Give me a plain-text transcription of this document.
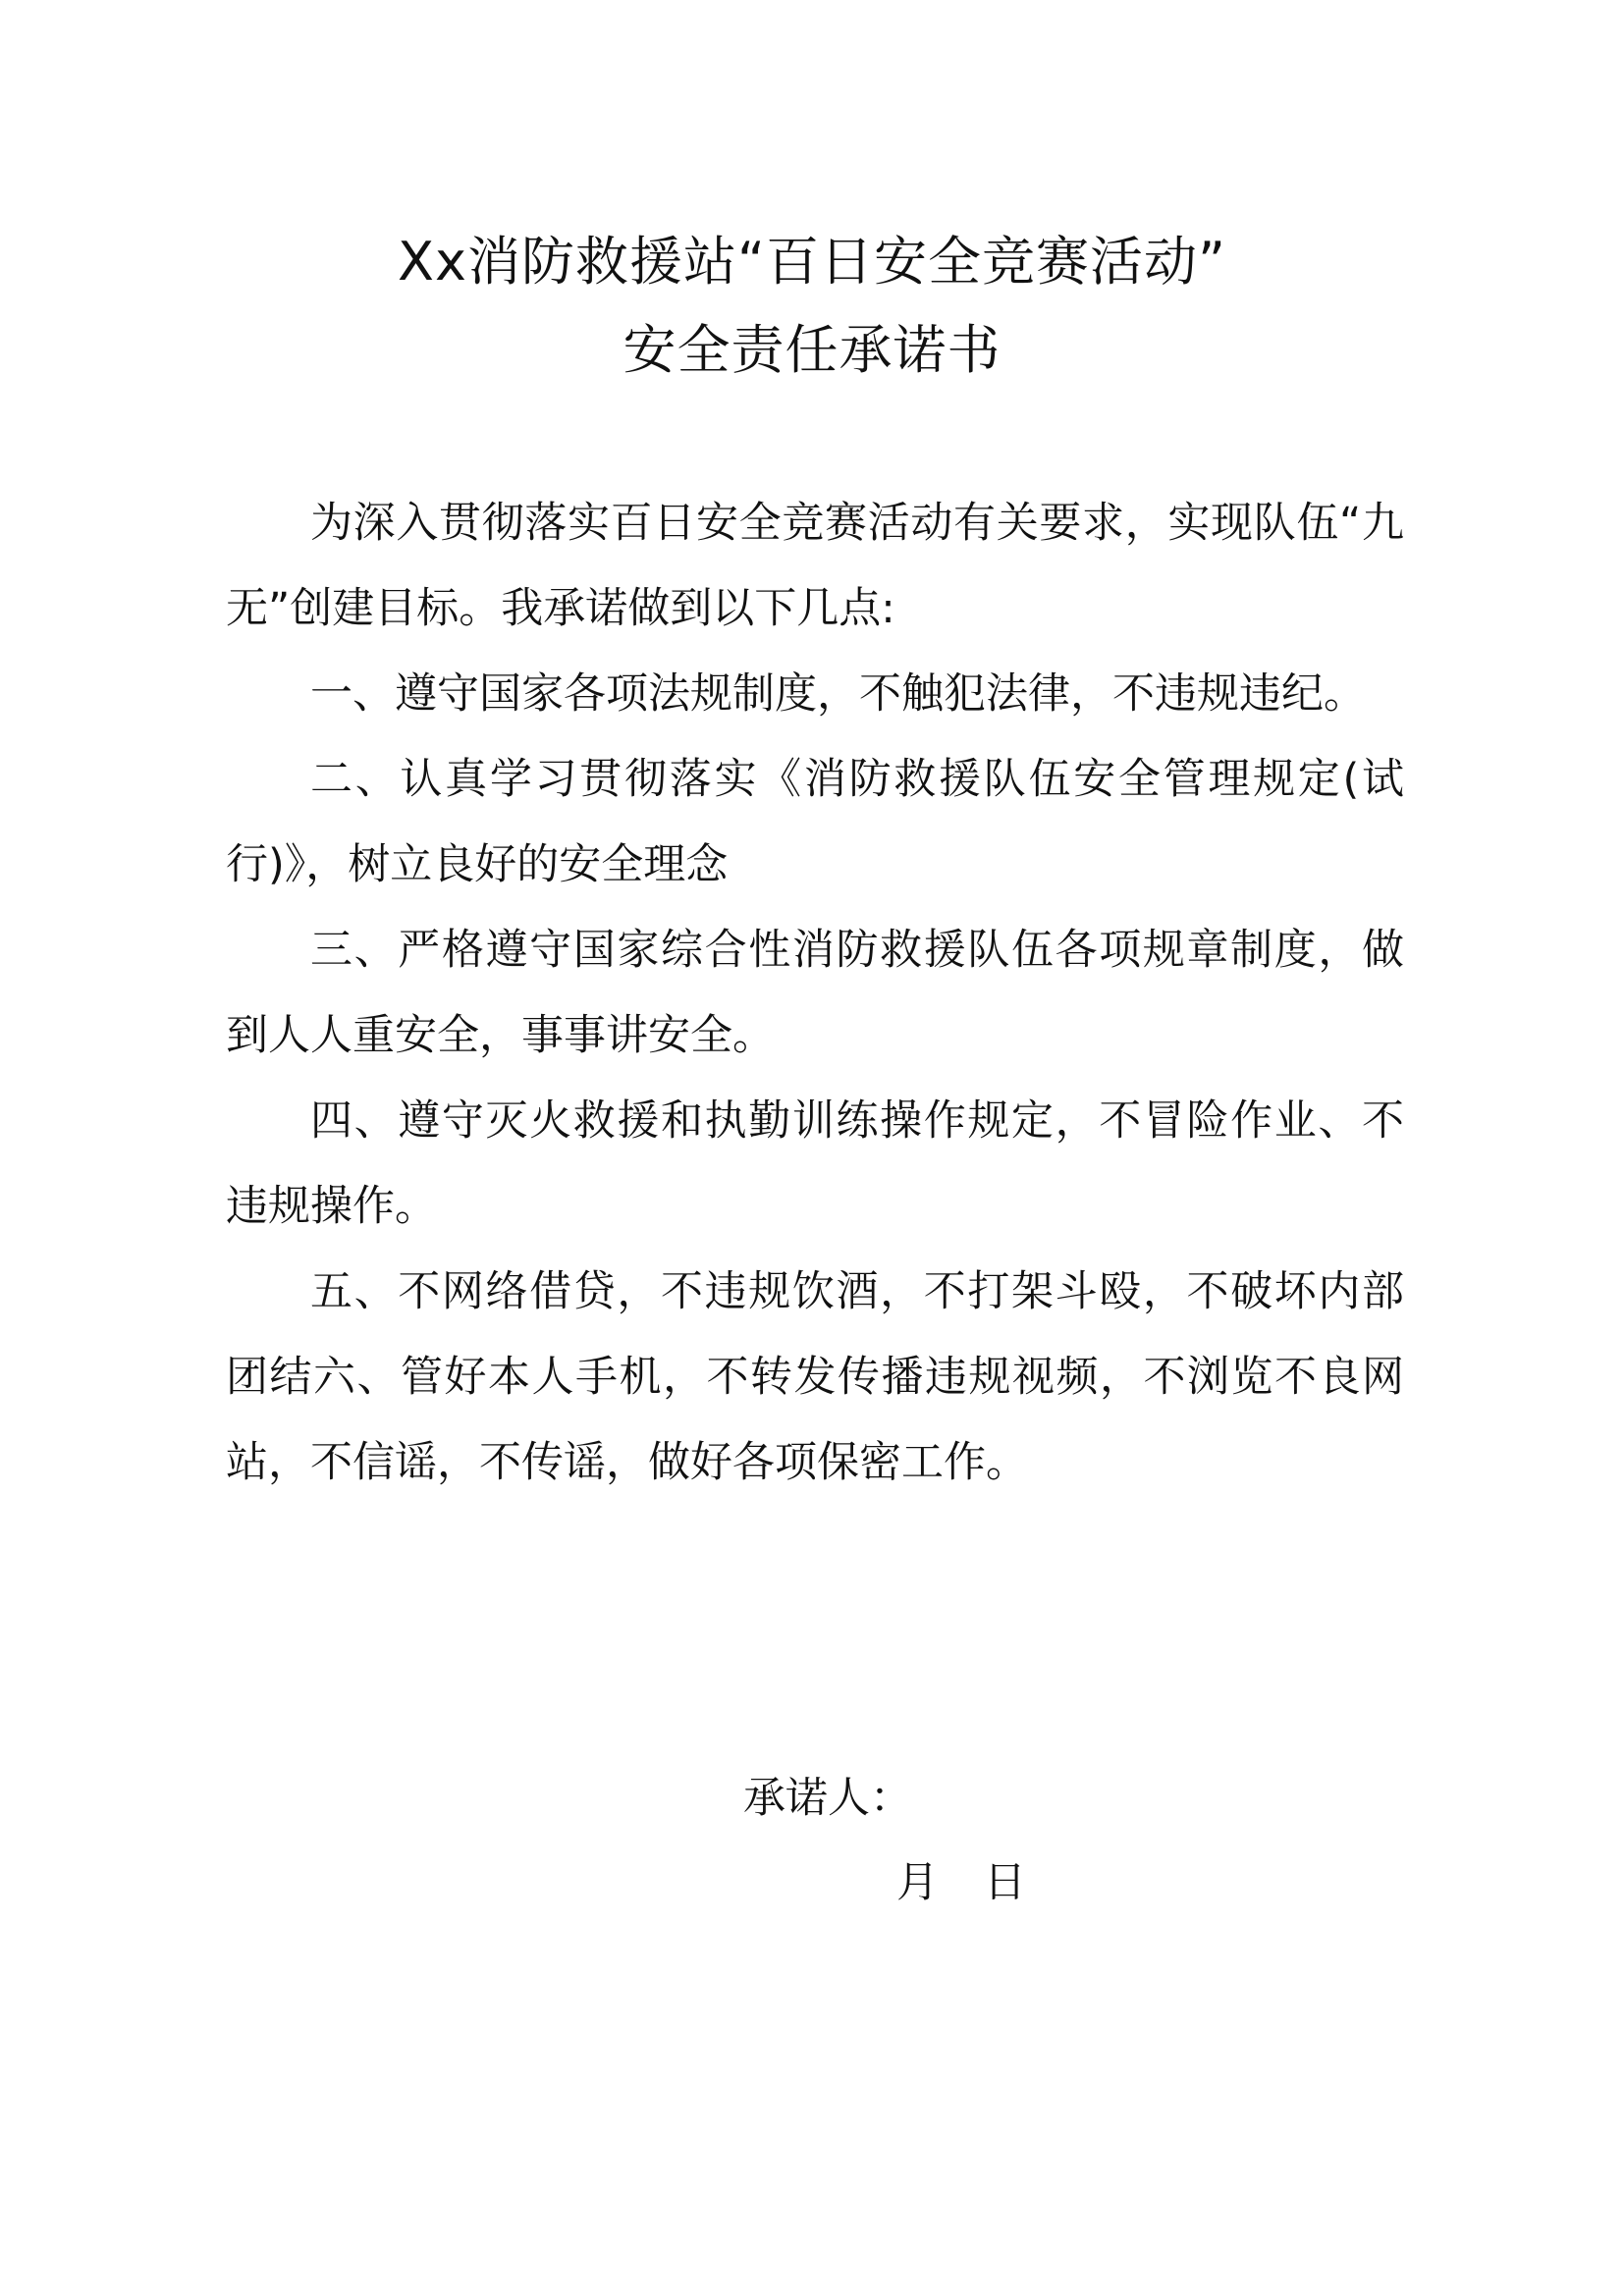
Xx消防救援站“百日安全竞赛活动”
安全责任承诺书

为深入贯彻落实百日安全竞赛活动有关要求，实现队伍“九无”创建目标。我承诺做到以下几点:

一、遵守国家各项法规制度，不触犯法律，不违规违纪。

二、认真学习贯彻落实《消防救援队伍安全管理规定(试行)》，树立良好的安全理念

三、严格遵守国家综合性消防救援队伍各项规章制度，做到人人重安全，事事讲安全。

四、遵守灭火救援和执勤训练操作规定，不冒险作业、不违规操作。

五、不网络借贷，不违规饮酒，不打架斗殴，不破坏内部团结六、管好本人手机，不转发传播违规视频，不浏览不良网站，不信谣，不传谣，做好各项保密工作。

承诺人：
月 日
